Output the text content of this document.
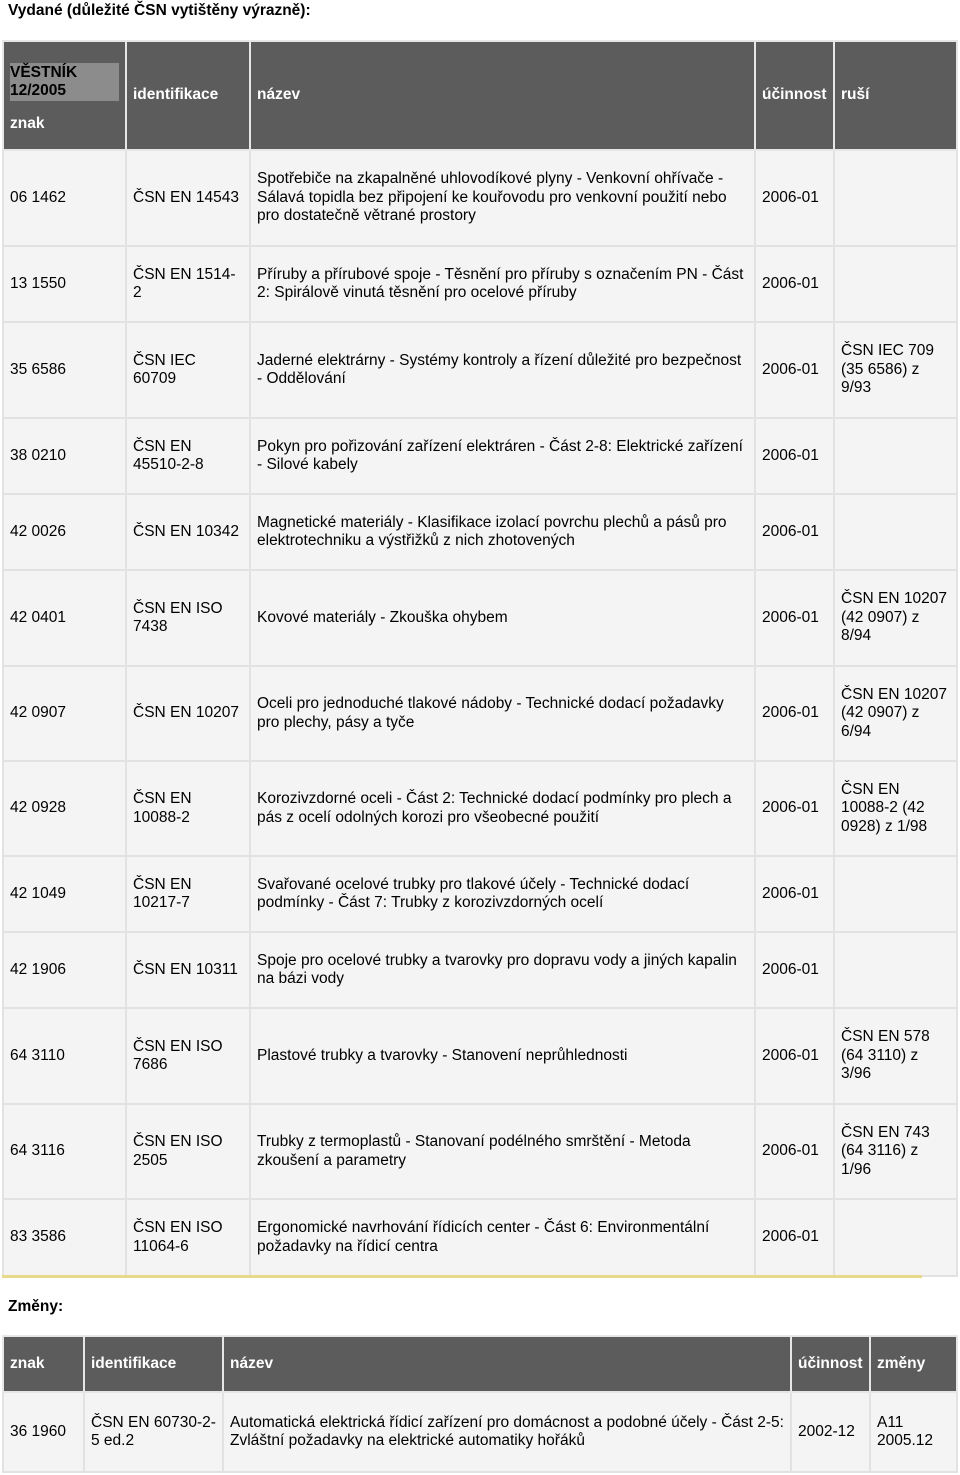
Vydané (důležité ČSN vytištěny výrazně):
VĚSTNÍK 12/2005
znak	identifikace	název	účinnost	ruší
06 1462	ČSN EN 14543	Spotřebiče na zkapalněné uhlovodíkové plyny - Venkovní ohřívače - Sálavá topidla bez připojení ke kouřovodu pro venkovní použití nebo pro dostatečně větrané prostory	2006-01	
13 1550	ČSN EN 1514-2	Příruby a přírubové spoje - Těsnění pro příruby s označením PN - Část 2: Spirálově vinutá těsnění pro ocelové příruby	2006-01	
35 6586	ČSN IEC 60709	Jaderné elektrárny - Systémy kontroly a řízení důležité pro bezpečnost - Oddělování	2006-01	ČSN IEC 709 (35 6586) z 9/93
38 0210	ČSN EN 45510-2-8	Pokyn pro pořizování zařízení elektráren - Část 2-8: Elektrické zařízení - Silové kabely	2006-01	
42 0026	ČSN EN 10342	Magnetické materiály - Klasifikace izolací povrchu plechů a pásů pro elektrotechniku a výstřižků z nich zhotovených	2006-01	
42 0401	ČSN EN ISO 7438	Kovové materiály - Zkouška ohybem	2006-01	ČSN EN 10207 (42 0907) z 8/94
42 0907	ČSN EN 10207	Oceli pro jednoduché tlakové nádoby - Technické dodací požadavky pro plechy, pásy a tyče	2006-01	ČSN EN 10207 (42 0907) z 6/94
42 0928	ČSN EN 10088-2	Korozivzdorné oceli - Část 2: Technické dodací podmínky pro plech a pás z ocelí odolných korozi pro všeobecné použití	2006-01	ČSN EN 10088-2 (42 0928) z 1/98
42 1049	ČSN EN 10217-7	Svařované ocelové trubky pro tlakové účely - Technické dodací podmínky - Část 7: Trubky z korozivzdorných ocelí	2006-01	
42 1906	ČSN EN 10311	Spoje pro ocelové trubky a tvarovky pro dopravu vody a jiných kapalin na bázi vody	2006-01	
64 3110	ČSN EN ISO 7686	Plastové trubky a tvarovky - Stanovení neprůhlednosti	2006-01	ČSN EN 578 (64 3110) z 3/96
64 3116	ČSN EN ISO 2505	Trubky z termoplastů - Stanovaní podélného smrštění - Metoda zkoušení a parametry	2006-01	ČSN EN 743 (64 3116) z 1/96
83 3586	ČSN EN ISO 11064-6	Ergonomické navrhování řídicích center - Část 6: Environmentální požadavky na řídicí centra	2006-01	
Změny:
znak	identifikace	název	účinnost	změny
36 1960	ČSN EN 60730-2-5 ed.2	Automatická elektrická řídicí zařízení pro domácnost a podobné účely - Část 2-5: Zvláštní požadavky na elektrické automatiky hořáků	2002-12	A11 2005.12
